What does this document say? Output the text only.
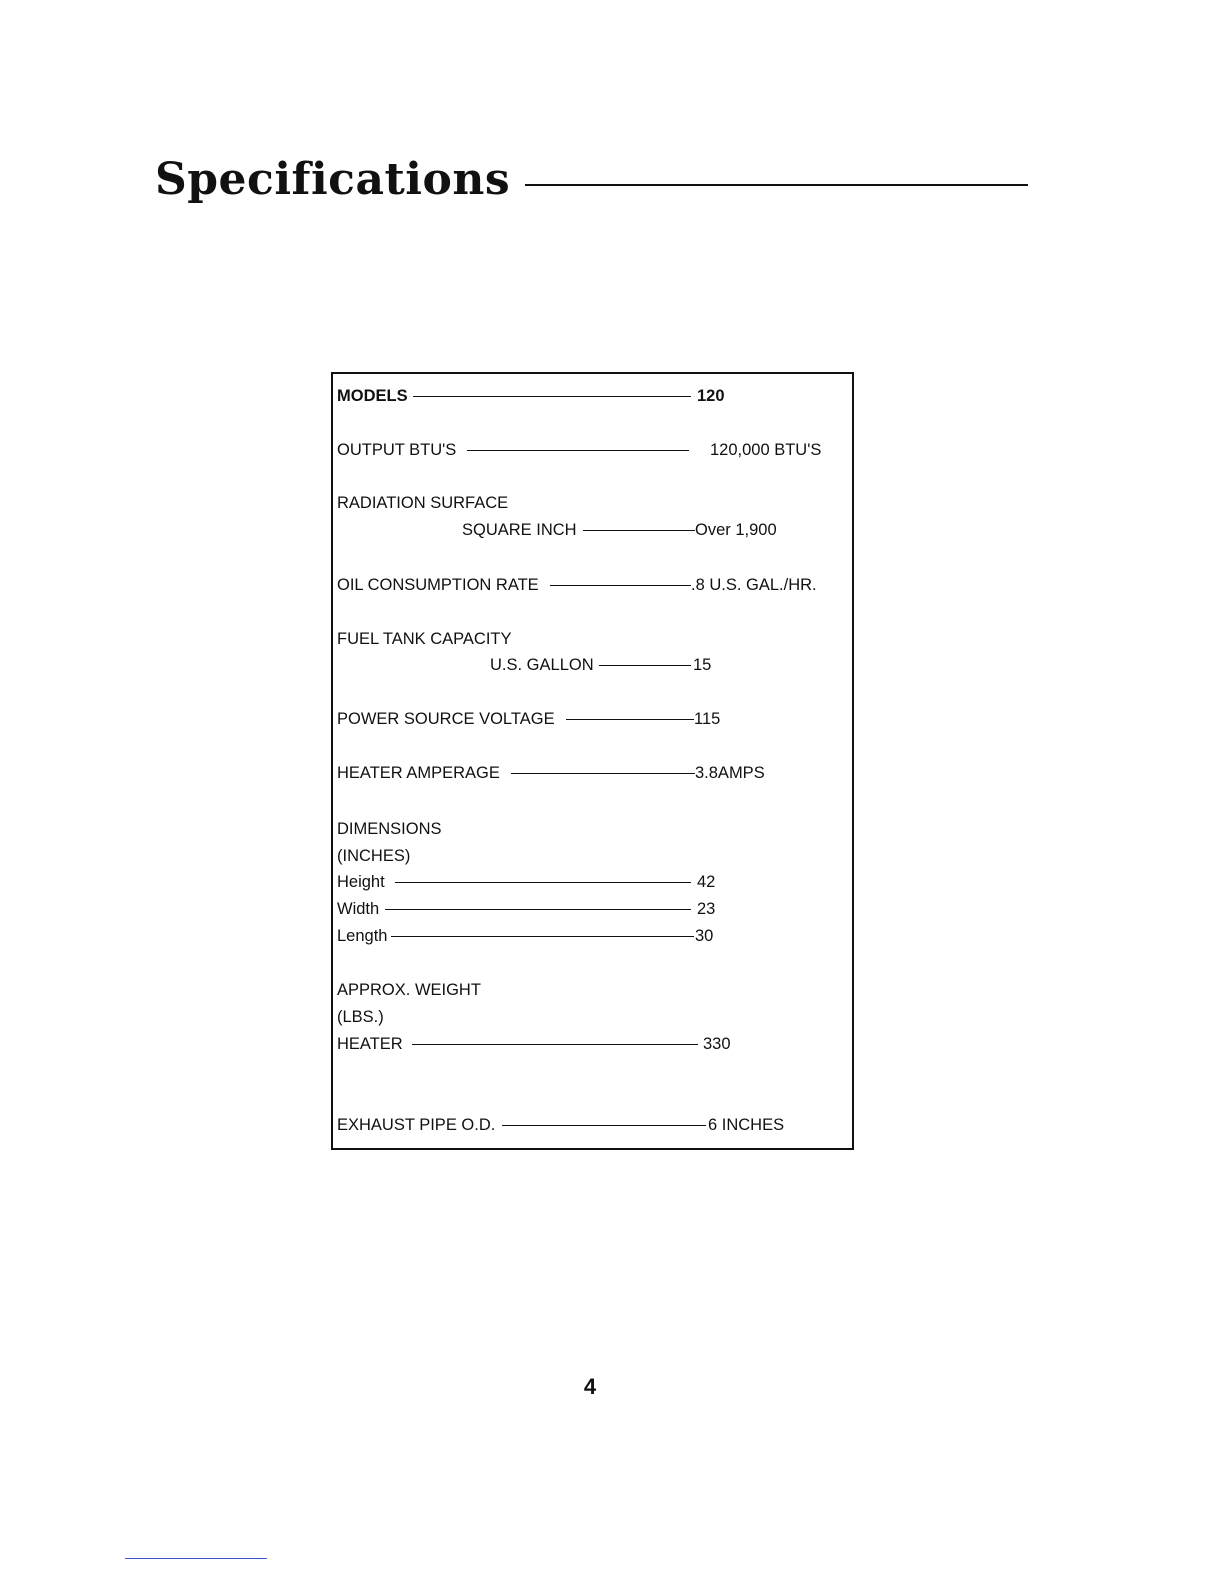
Specifications
MODELS	120
OUTPUT BTU'S	120,000 BTU'S
RADIATION SURFACE
SQUARE INCH	Over 1,900
OIL CONSUMPTION RATE	.8 U.S. GAL./HR.
FUEL TANK CAPACITY
U.S. GALLON	15
POWER SOURCE VOLTAGE	115
HEATER AMPERAGE	3.8AMPS
DIMENSIONS
(INCHES)
Height	42
Width	23
Length	30
APPROX. WEIGHT
(LBS.)
HEATER	330
EXHAUST PIPE O.D.	6 INCHES
4
